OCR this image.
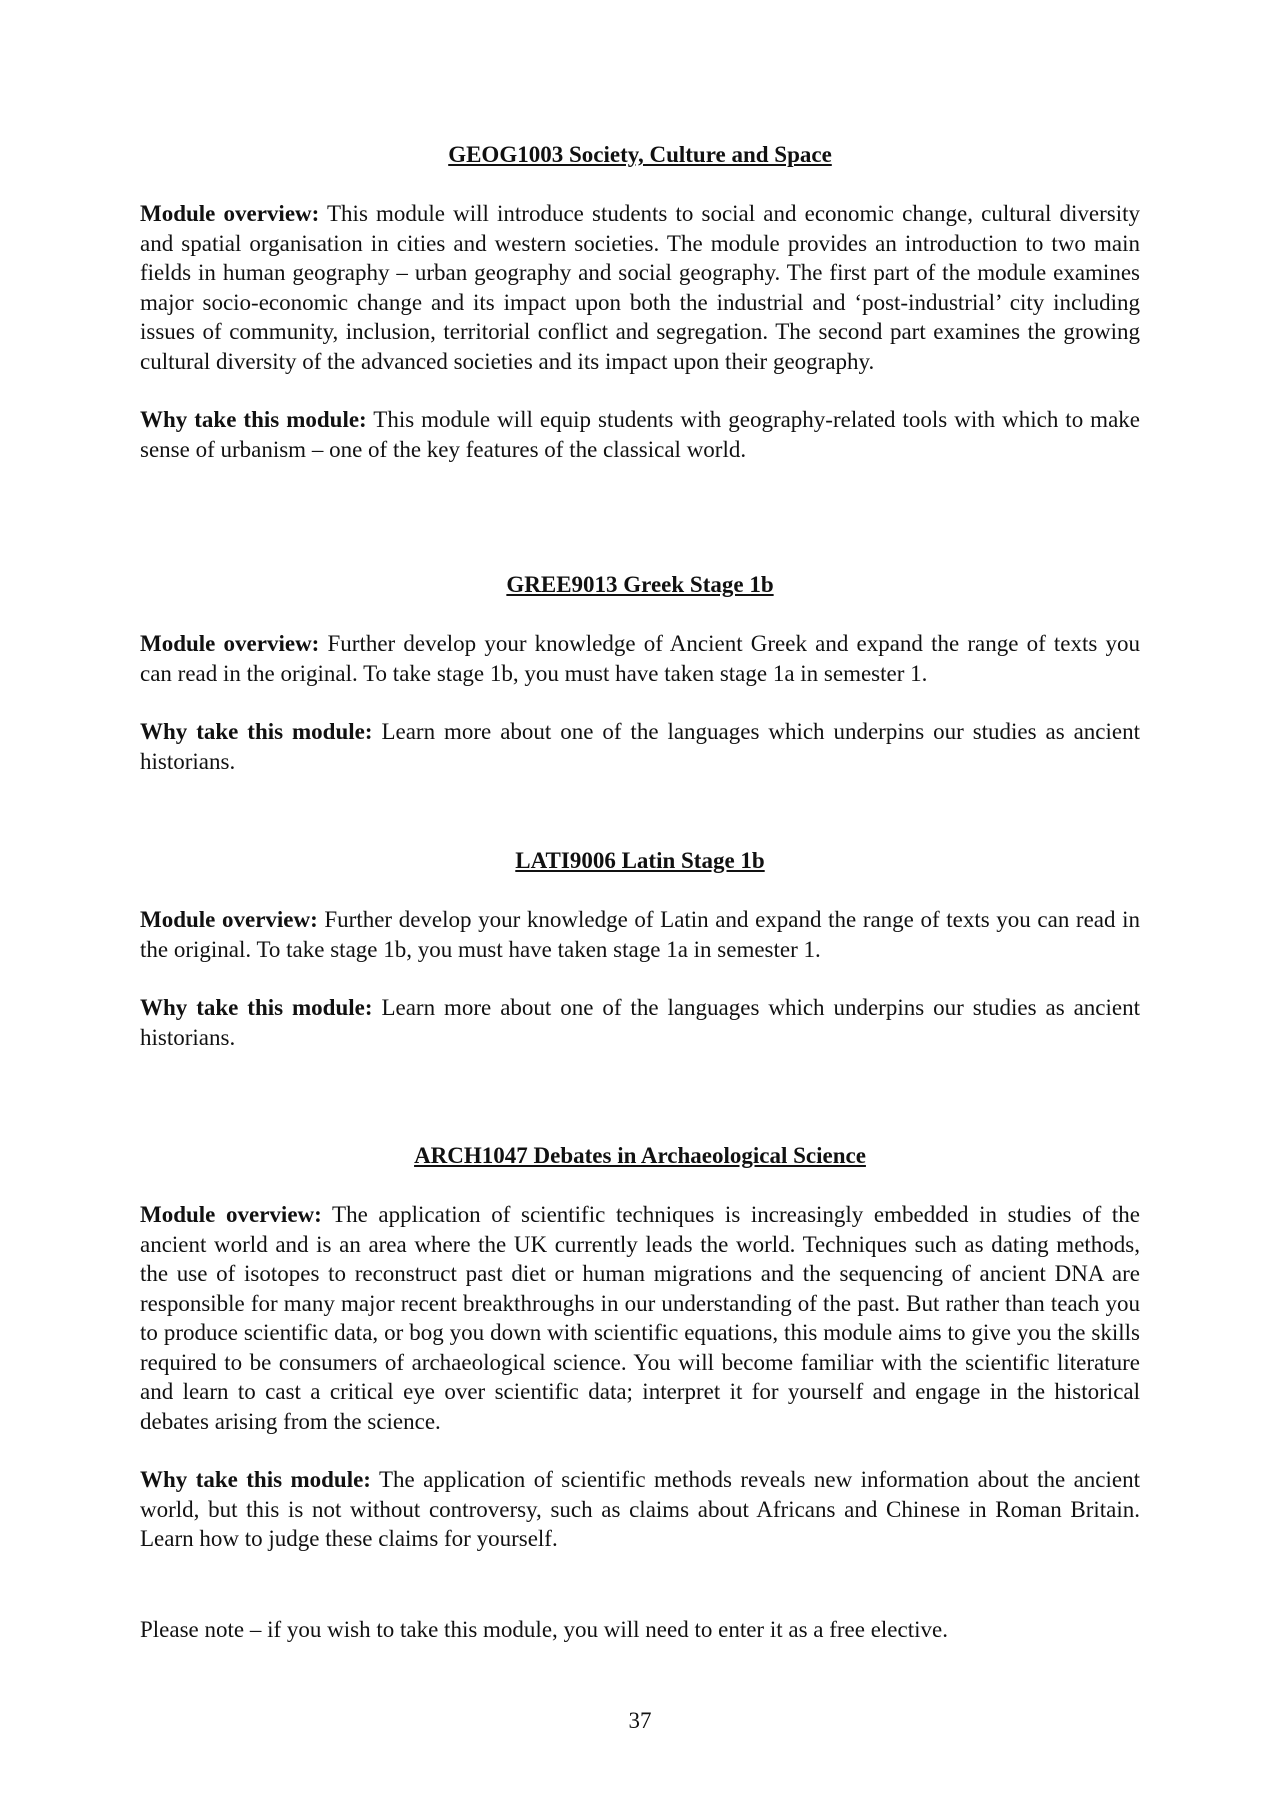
GEOG1003 Society, Culture and Space

Module overview: This module will introduce students to social and economic change, cultural diversity and spatial organisation in cities and western societies. The module provides an introduction to two main fields in human geography – urban geography and social geography. The first part of the module examines major socio-economic change and its impact upon both the industrial and ‘post-industrial’ city including issues of community, inclusion, territorial conflict and segregation. The second part examines the growing cultural diversity of the advanced societies and its impact upon their geography.

Why take this module: This module will equip students with geography-related tools with which to make sense of urbanism – one of the key features of the classical world.

GREE9013 Greek Stage 1b

Module overview: Further develop your knowledge of Ancient Greek and expand the range of texts you can read in the original. To take stage 1b, you must have taken stage 1a in semester 1.

Why take this module: Learn more about one of the languages which underpins our studies as ancient historians.

LATI9006 Latin Stage 1b

Module overview: Further develop your knowledge of Latin and expand the range of texts you can read in the original. To take stage 1b, you must have taken stage 1a in semester 1.

Why take this module: Learn more about one of the languages which underpins our studies as ancient historians.

ARCH1047 Debates in Archaeological Science

Module overview: The application of scientific techniques is increasingly embedded in studies of the ancient world and is an area where the UK currently leads the world. Techniques such as dating methods, the use of isotopes to reconstruct past diet or human migrations and the sequencing of ancient DNA are responsible for many major recent breakthroughs in our understanding of the past. But rather than teach you to produce scientific data, or bog you down with scientific equations, this module aims to give you the skills required to be consumers of archaeological science. You will become familiar with the scientific literature and learn to cast a critical eye over scientific data; interpret it for yourself and engage in the historical debates arising from the science.

Why take this module: The application of scientific methods reveals new information about the ancient world, but this is not without controversy, such as claims about Africans and Chinese in Roman Britain. Learn how to judge these claims for yourself.

Please note – if you wish to take this module, you will need to enter it as a free elective.

37
